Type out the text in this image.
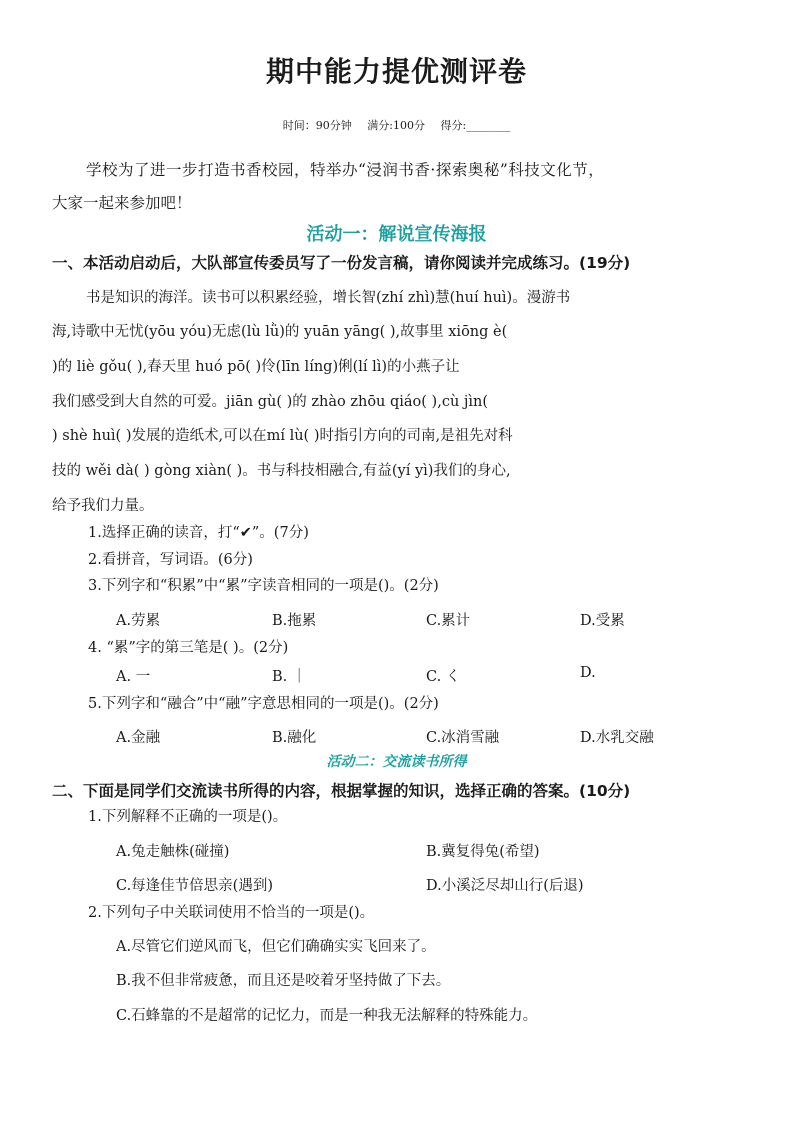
期中能力提优测评卷
时间：90分钟 满分:100分 得分:________
学校为了进一步打造书香校园，特举办“浸润书香·探索奥秘”科技文化节，
大家一起来参加吧！
活动一：解说宣传海报
一、本活动启动后，大队部宣传委员写了一份发言稿，请你阅读并完成练习。(19分)
书是知识的海洋。读书可以积累经验，增长智(zhí zhì)慧(huí huì)。漫游书
海,诗歌中无忧(yōu yóu)无虑(lù lǜ)的 yuān yāng( ),故事里 xiōng è(
)的 liè gǒu( ),春天里 huó pō( )伶(līn líng)俐(lí lì)的小燕子让
我们感受到大自然的可爱。jiān gù( )的 zhào zhōu qiáo( ),cù jìn(
) shè huì( )发展的造纸术,可以在mí lù( )时指引方向的司南,是祖先对科
技的 wěi dà( ) gòng xiàn( )。书与科技相融合,有益(yí yì)我们的身心,
给予我们力量。
1.选择正确的读音，打“✔”。(7分)
2.看拼音，写词语。(6分)
3.下列字和“积累”中“累”字读音相同的一项是()。(2分)
A.劳累	B.拖累	C.累计	D.受累
4. “累”字的第三笔是( )。(2分)
A. 一	B. ｜	C. く	D.
5.下列字和“融合”中“融”字意思相同的一项是()。(2分)
A.金融	B.融化	C.冰消雪融	D.水乳交融
活动二：交流读书所得
二、下面是同学们交流读书所得的内容，根据掌握的知识，选择正确的答案。(10分)
1.下列解释不正确的一项是()。
A.兔走触株(碰撞)	B.冀复得兔(希望)
C.每逢佳节倍思亲(遇到)	D.小溪泛尽却山行(后退)
2.下列句子中关联词使用不恰当的一项是()。
A.尽管它们逆风而飞，但它们确确实实飞回来了。
B.我不但非常疲惫，而且还是咬着牙坚持做了下去。
C.石蜂靠的不是超常的记忆力，而是一种我无法解释的特殊能力。
